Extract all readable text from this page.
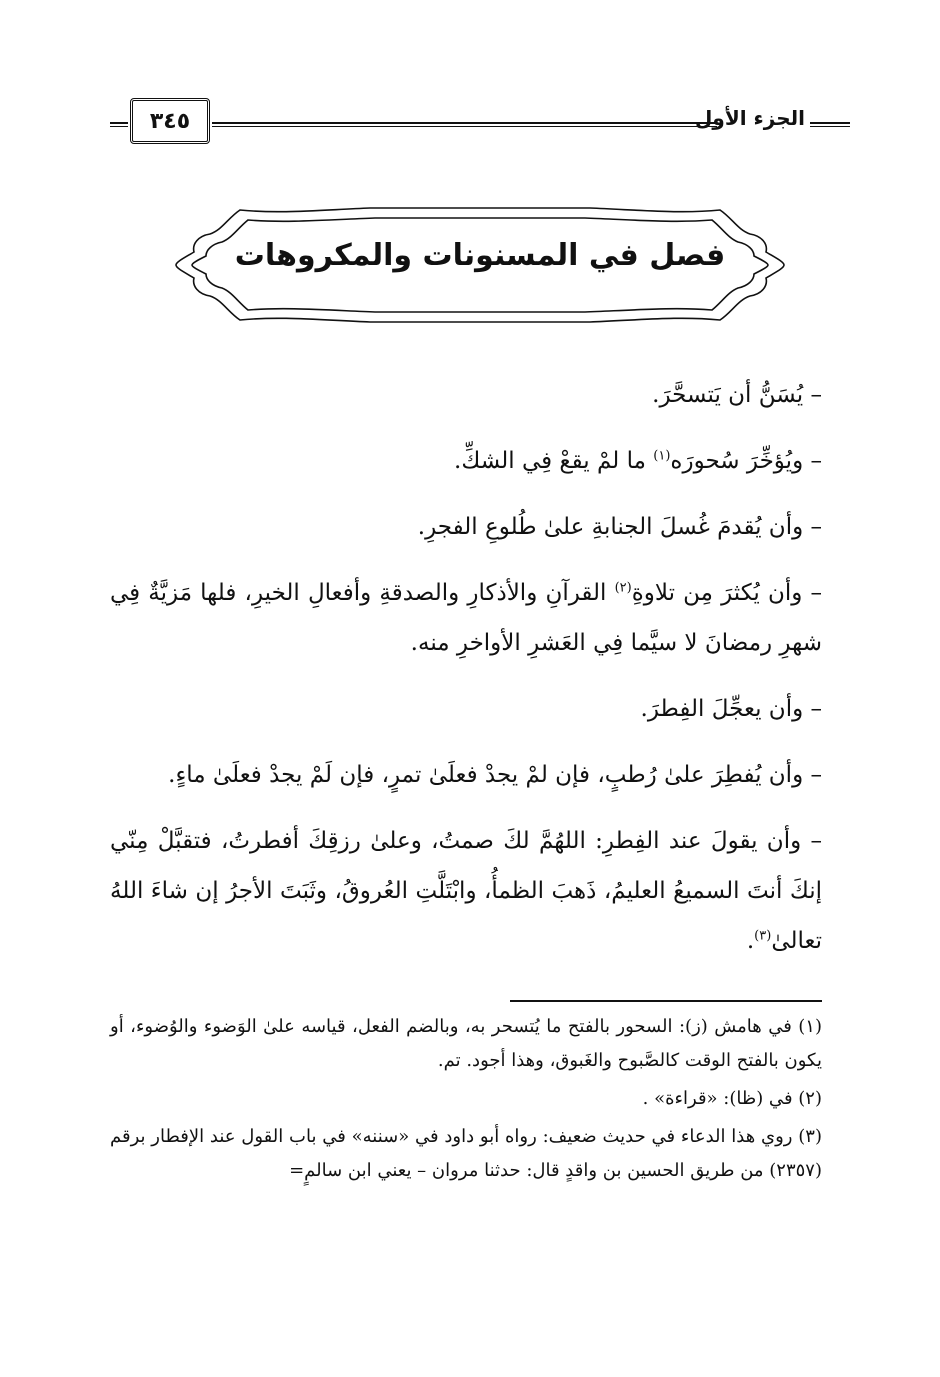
٣٤٥	الجزء الأول
فصل في المسنونات والمكروهات

– يُسَنُّ أن يَتسحَّرَ.

– ويُؤخِّرَ سُحورَه$^{(١)}$ ما لمْ يقعْ فِي الشكِّ.

– وأن يُقدمَ غُسلَ الجنابةِ علىٰ طُلوعِ الفجرِ.

– وأن يُكثرَ مِن تلاوةِ$^{(٢)}$ القرآنِ والأذكارِ والصدقةِ وأفعالِ الخيرِ، فلها مَزيَّةٌ فِي شهرِ رمضانَ لا سيَّما فِي العَشرِ الأواخرِ منه.

– وأن يعجِّلَ الفِطرَ.

– وأن يُفطِرَ علىٰ رُطبٍ، فإن لمْ يجدْ فعلَىٰ تمرٍ، فإن لَمْ يجدْ فعلَىٰ ماءٍ.

– وأن يقولَ عند الفِطرِ: اللهُمَّ لكَ صمتُ، وعلىٰ رزقِكَ أفطرتُ، فتقبَّلْ مِنّي إنكَ أنتَ السميعُ العليمُ، ذَهبَ الظمأُ، وابْتَلَّتِ العُروقُ، وثَبَتَ الأجرُ إن شاءَ اللهُ تعالىٰ$^{(٣)}$.

(١) في هامش (ز): السحور بالفتح ما يُتسحر به، وبالضم الفعل، قياسه علىٰ الوَضوء والوُضوء، أو يكون بالفتح الوقت كالصَّبوح والغَبوق، وهذا أجود. تم.

(٢) في (ظا): «قراءة» .

(٣) روي هذا الدعاء في حديث ضعيف: رواه أبو داود في «سننه» في باب القول عند الإفطار برقم (٢٣٥٧) من طريق الحسين بن واقدٍ قال: حدثنا مروان – يعني ابن سالمٍ=
